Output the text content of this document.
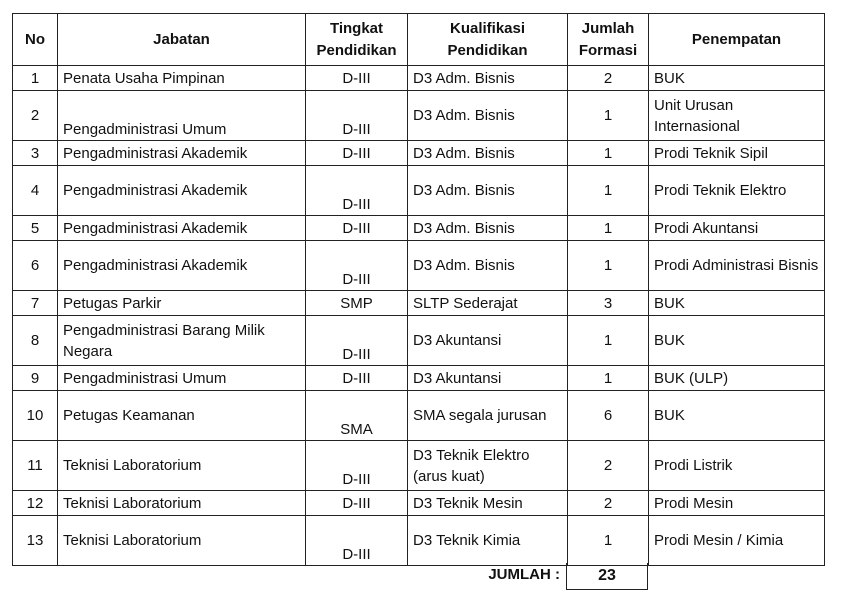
No	Jabatan	Tingkat Pendidikan	Kualifikasi Pendidikan	Jumlah Formasi	Penempatan
1	Penata Usaha Pimpinan	D-III	D3 Adm. Bisnis	2	BUK
2	Pengadministrasi Umum	D-III	D3 Adm. Bisnis	1	Unit Urusan Internasional
3	Pengadministrasi Akademik	D-III	D3 Adm. Bisnis	1	Prodi Teknik Sipil
4	Pengadministrasi Akademik	D-III	D3 Adm. Bisnis	1	Prodi Teknik Elektro
5	Pengadministrasi Akademik	D-III	D3 Adm. Bisnis	1	Prodi Akuntansi
6	Pengadministrasi Akademik	D-III	D3 Adm. Bisnis	1	Prodi Administrasi Bisnis
7	Petugas Parkir	SMP	SLTP Sederajat	3	BUK
8	Pengadministrasi Barang Milik Negara	D-III	D3 Akuntansi	1	BUK
9	Pengadministrasi Umum	D-III	D3 Akuntansi	1	BUK (ULP)
10	Petugas Keamanan	SMA	SMA segala jurusan	6	BUK
11	Teknisi Laboratorium	D-III	D3 Teknik Elektro (arus kuat)	2	Prodi Listrik
12	Teknisi Laboratorium	D-III	D3 Teknik Mesin	2	Prodi Mesin
13	Teknisi Laboratorium	D-III	D3 Teknik Kimia	1	Prodi Mesin / Kimia
JUMLAH :	23
